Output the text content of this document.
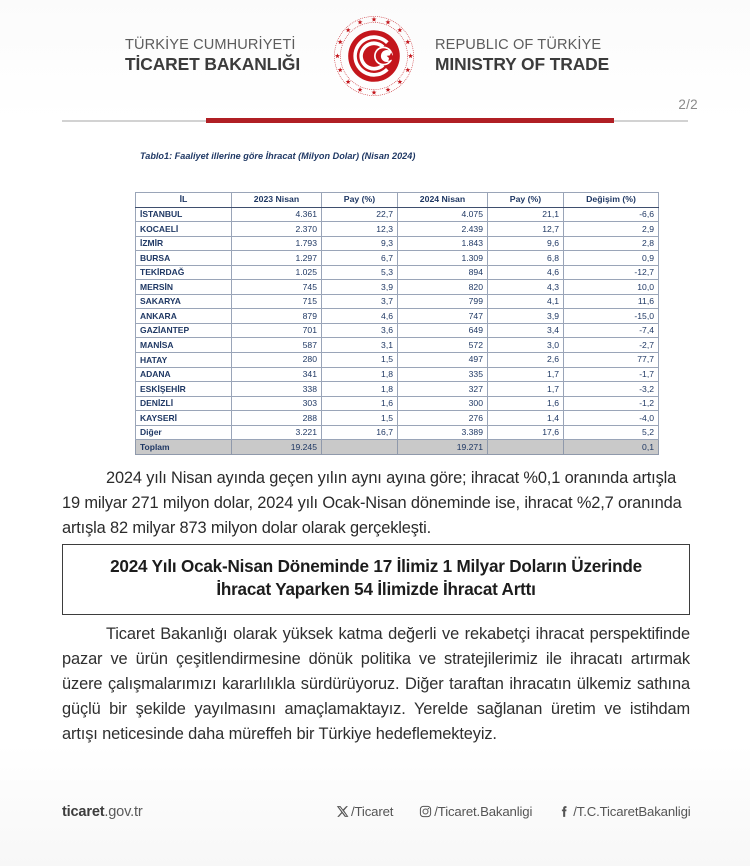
TÜRKİYE CUMHURİYETİ
TİCARET BAKANLIĞI
REPUBLIC OF TÜRKİYE
MINISTRY OF TRADE
2/2
Tablo1: Faaliyet illerine göre İhracat (Milyon Dolar) (Nisan 2024)
İL	2023 Nisan	Pay (%)	2024 Nisan	Pay (%)	Değişim (%)
İSTANBUL	4.361	22,7	4.075	21,1	-6,6
KOCAELİ	2.370	12,3	2.439	12,7	2,9
İZMİR	1.793	9,3	1.843	9,6	2,8
BURSA	1.297	6,7	1.309	6,8	0,9
TEKİRDAĞ	1.025	5,3	894	4,6	-12,7
MERSİN	745	3,9	820	4,3	10,0
SAKARYA	715	3,7	799	4,1	11,6
ANKARA	879	4,6	747	3,9	-15,0
GAZİANTEP	701	3,6	649	3,4	-7,4
MANİSA	587	3,1	572	3,0	-2,7
HATAY	280	1,5	497	2,6	77,7
ADANA	341	1,8	335	1,7	-1,7
ESKİŞEHİR	338	1,8	327	1,7	-3,2
DENİZLİ	303	1,6	300	1,6	-1,2
KAYSERİ	288	1,5	276	1,4	-4,0
Diğer	3.221	16,7	3.389	17,6	5,2
Toplam	19.245		19.271		0,1

2024 yılı Nisan ayında geçen yılın aynı ayına göre; ihracat %0,1 oranında artışla 19 milyar 271 milyon dolar, 2024 yılı Ocak-Nisan döneminde ise, ihracat %2,7 oranında artışla 82 milyar 873 milyon dolar olarak gerçekleşti.

2024 Yılı Ocak-Nisan Döneminde 17 İlimiz 1 Milyar Doların Üzerinde İhracat Yaparken 54 İlimizde İhracat Arttı

Ticaret Bakanlığı olarak yüksek katma değerli ve rekabetçi ihracat perspektifinde pazar ve ürün çeşitlendirmesine dönük politika ve stratejilerimiz ile ihracatı artırmak üzere çalışmalarımızı kararlılıkla sürdürüyoruz. Diğer taraftan ihracatın ülkemiz sathına güçlü bir şekilde yayılmasını amaçlamaktayız. Yerelde sağlanan üretim ve istihdam artışı neticesinde daha müreffeh bir Türkiye hedeflemekteyiz.

ticaret.gov.tr	/Ticaret	/Ticaret.Bakanligi	/T.C.TicaretBakanligi
